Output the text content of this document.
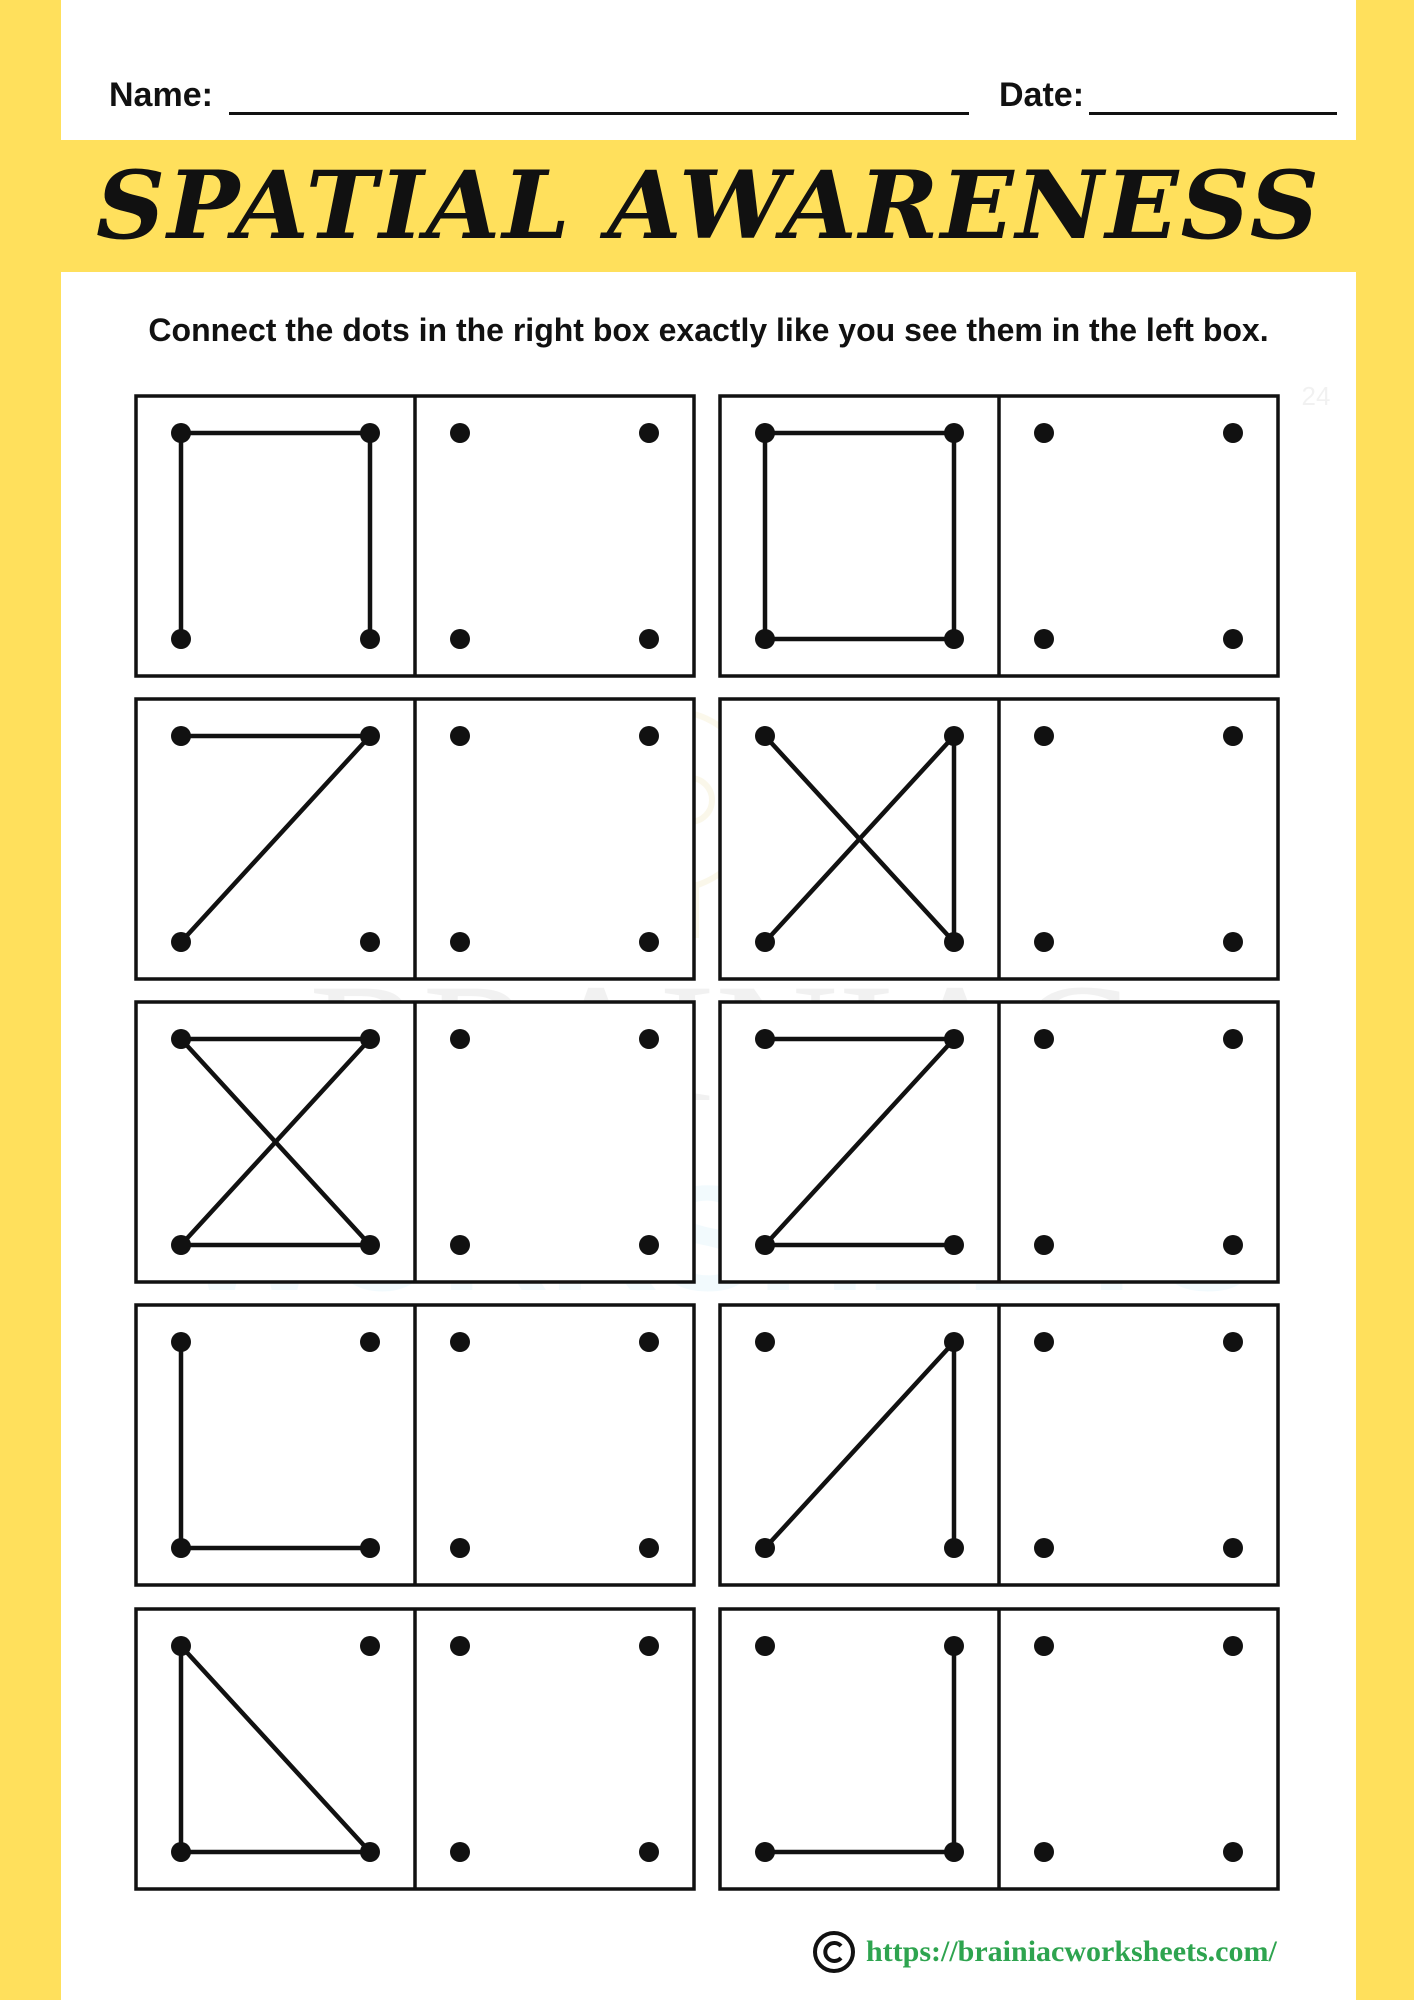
Name:	Date:
SPATIAL AWARENESS
Connect the dots in the right box exactly like you see them in the left box.
https://brainiacworksheets.com/
